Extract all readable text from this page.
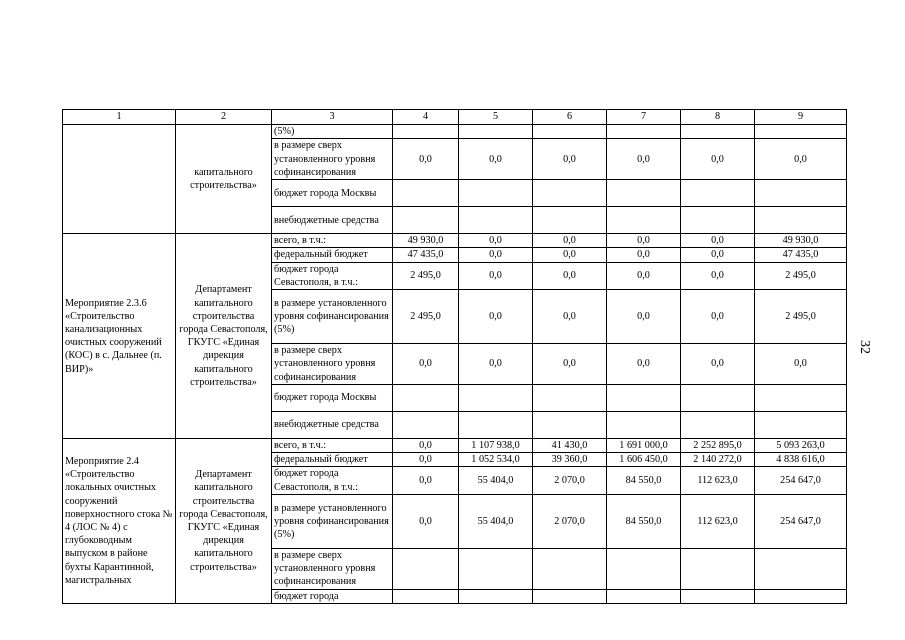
32
1	2	3	4	5	6	7	8	9
	капитального строительства»	(5%)						
		в размере сверх установленного уровня софинансирования	0,0	0,0	0,0	0,0	0,0	0,0
		бюджет города Москвы						
		внебюджетные средства						
Мероприятие 2.3.6 «Строительство канализационных очистных сооружений (КОС) в с. Дальнее (п. ВИР)»	Департамент капитального строительства города Севастополя, ГКУГС «Единая дирекция капитального строительства»	всего, в т.ч.:	49 930,0	0,0	0,0	0,0	0,0	49 930,0
		федеральный бюджет	47 435,0	0,0	0,0	0,0	0,0	47 435,0
		бюджет города Севастополя, в т.ч.:	2 495,0	0,0	0,0	0,0	0,0	2 495,0
		в размере установленного уровня софинансирования (5%)	2 495,0	0,0	0,0	0,0	0,0	2 495,0
		в размере сверх установленного уровня софинансирования	0,0	0,0	0,0	0,0	0,0	0,0
		бюджет города Москвы						
		внебюджетные средства						
Мероприятие 2.4 «Строительство локальных очистных сооружений поверхностного стока № 4 (ЛОС № 4) с глубоководным выпуском в районе бухты Карантинной, магистральных	Департамент капитального строительства города Севастополя, ГКУГС «Единая дирекция капитального строительства»	всего, в т.ч.:	0,0	1 107 938,0	41 430,0	1 691 000,0	2 252 895,0	5 093 263,0
		федеральный бюджет	0,0	1 052 534,0	39 360,0	1 606 450,0	2 140 272,0	4 838 616,0
		бюджет города Севастополя, в т.ч.:	0,0	55 404,0	2 070,0	84 550,0	112 623,0	254 647,0
		в размере установленного уровня софинансирования (5%)	0,0	55 404,0	2 070,0	84 550,0	112 623,0	254 647,0
		в размере сверх установленного уровня софинансирования						
		бюджет города						
